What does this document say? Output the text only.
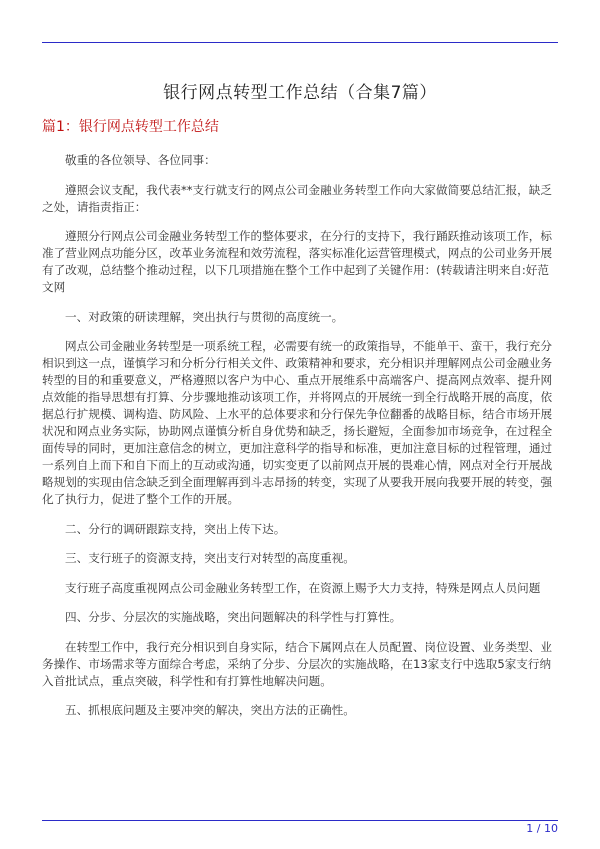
银行网点转型工作总结（合集7篇）
篇1：银行网点转型工作总结

敬重的各位领导、各位同事：

遵照会议支配，我代表**支行就支行的网点公司金融业务转型工作向大家做简要总结汇报，缺乏之处，请指责指正：

遵照分行网点公司金融业务转型工作的整体要求，在分行的支持下，我行踊跃推动该项工作，标准了营业网点功能分区，改革业务流程和效劳流程，落实标准化运营管理模式，网点的公司业务开展有了改观，总结整个推动过程，以下几项措施在整个工作中起到了关键作用：(转载请注明来自:好范文网

一、对政策的研读理解，突出执行与贯彻的高度统一。

网点公司金融业务转型是一项系统工程，必需要有统一的政策指导，不能单干、蛮干，我行充分相识到这一点，谨慎学习和分析分行相关文件、政策精神和要求，充分相识并理解网点公司金融业务转型的目的和重要意义，严格遵照以客户为中心、重点开展维系中高端客户、提高网点效率、提升网点效能的指导思想有打算、分步骤地推动该项工作，并将网点的开展统一到全行战略开展的高度，依据总行扩规模、调构造、防风险、上水平的总体要求和分行保先争位翻番的战略目标，结合市场开展状况和网点业务实际，协助网点谨慎分析自身优势和缺乏，扬长避短，全面参加市场竞争，在过程全面传导的同时，更加注意信念的树立，更加注意科学的指导和标准，更加注意目标的过程管理，通过一系列自上而下和自下而上的互动或沟通，切实变更了以前网点开展的畏难心情，网点对全行开展战略规划的实现由信念缺乏到全面理解再到斗志昂扬的转变，实现了从要我开展向我要开展的转变，强化了执行力，促进了整个工作的开展。

二、分行的调研跟踪支持，突出上传下达。

三、支行班子的资源支持，突出支行对转型的高度重视。

支行班子高度重视网点公司金融业务转型工作，在资源上赐予大力支持，特殊是网点人员问题

四、分步、分层次的实施战略，突出问题解决的科学性与打算性。

在转型工作中，我行充分相识到自身实际，结合下属网点在人员配置、岗位设置、业务类型、业务操作、市场需求等方面综合考虑，采纳了分步、分层次的实施战略，在13家支行中选取5家支行纳入首批试点，重点突破，科学性和有打算性地解决问题。

五、抓根底问题及主要冲突的解决，突出方法的正确性。

1 / 10
